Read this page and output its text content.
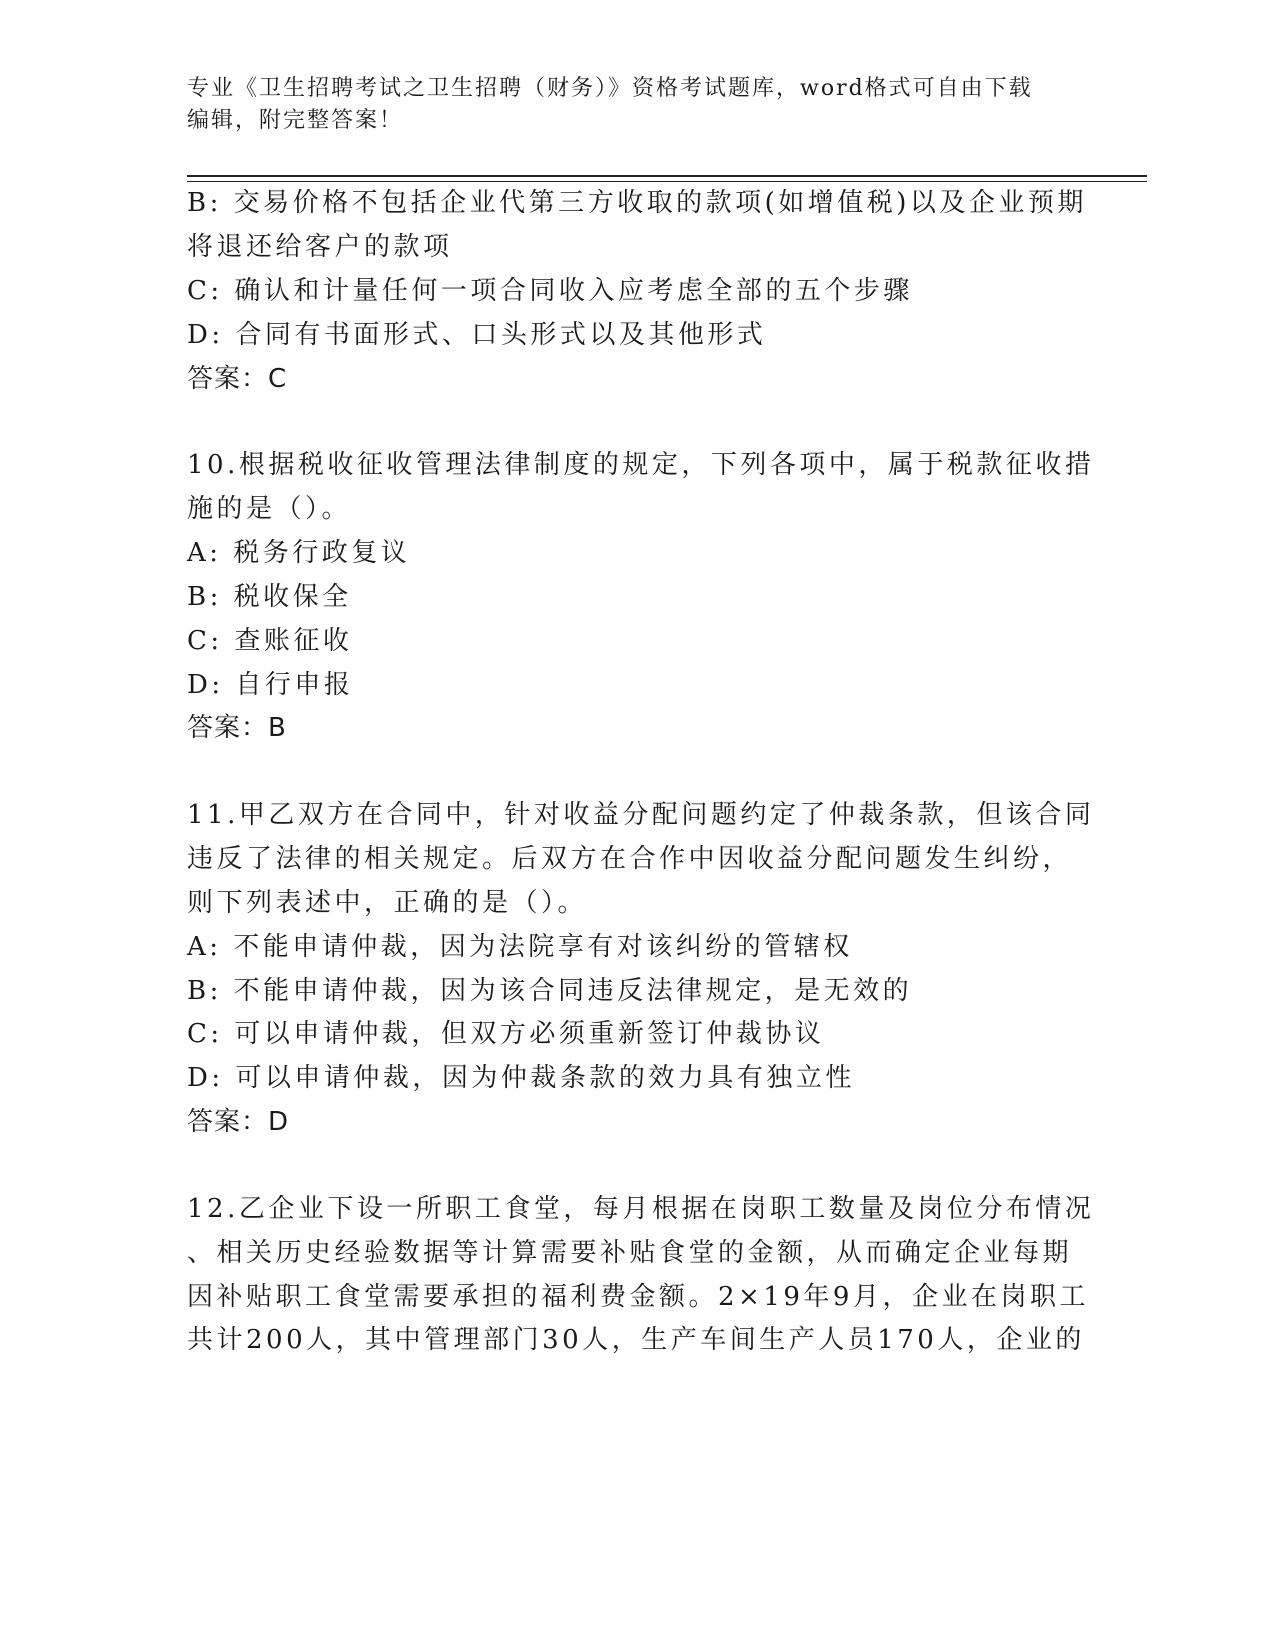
专业《卫生招聘考试之卫生招聘（财务）》资格考试题库，word格式可自由下载
编辑，附完整答案！
B: 交易价格不包括企业代第三方收取的款项(如增值税)以及企业预期
将退还给客户的款项
C: 确认和计量任何一项合同收入应考虑全部的五个步骤
D: 合同有书面形式、口头形式以及其他形式
答案：C
10.根据税收征收管理法律制度的规定，下列各项中，属于税款征收措
施的是（）。
A: 税务行政复议
B: 税收保全
C: 查账征收
D: 自行申报
答案：B
11.甲乙双方在合同中，针对收益分配问题约定了仲裁条款，但该合同
违反了法律的相关规定。后双方在合作中因收益分配问题发生纠纷，
则下列表述中，正确的是（）。
A: 不能申请仲裁，因为法院享有对该纠纷的管辖权
B: 不能申请仲裁，因为该合同违反法律规定，是无效的
C: 可以申请仲裁，但双方必须重新签订仲裁协议
D: 可以申请仲裁，因为仲裁条款的效力具有独立性
答案：D
12.乙企业下设一所职工食堂，每月根据在岗职工数量及岗位分布情况
、相关历史经验数据等计算需要补贴食堂的金额，从而确定企业每期
因补贴职工食堂需要承担的福利费金额。2×19年9月，企业在岗职工
共计200人，其中管理部门30人，生产车间生产人员170人，企业的
